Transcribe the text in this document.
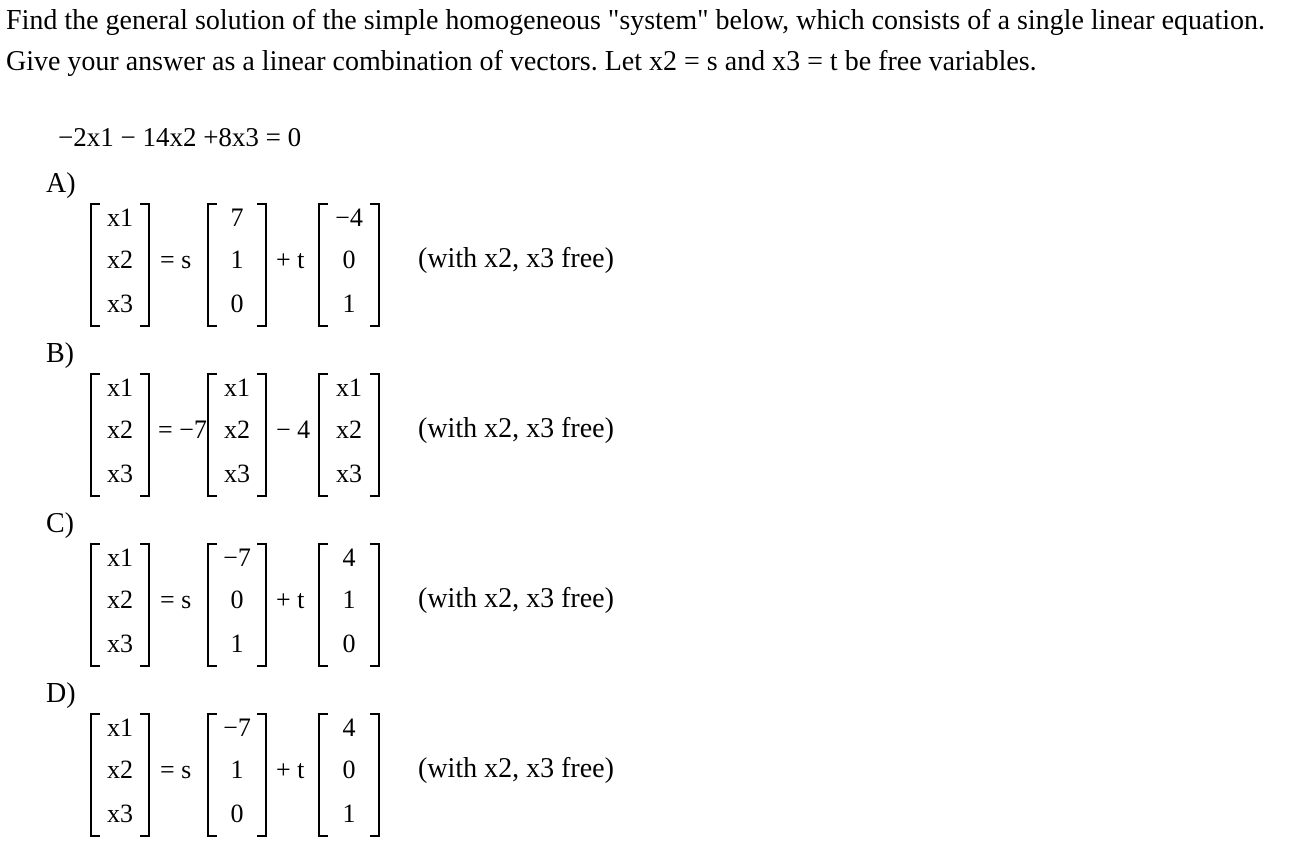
Find the general solution of the simple homogeneous "system" below, which consists of a single linear equation. Give your answer as a linear combination of vectors. Let x2 = s and x3 = t be free variables.
−2x1 − 14x2 +8x3 = 0
A)
x1
x2
x3
= s
7
1
0
+ t
−4
0
1
(with x2, x3 free)
B)
x1
x2
x3
= −7
x1
x2
x3
− 4
x1
x2
x3
(with x2, x3 free)
C)
x1
x2
x3
= s
−7
0
1
+ t
4
1
0
(with x2, x3 free)
D)
x1
x2
x3
= s
−7
1
0
+ t
4
0
1
(with x2, x3 free)
